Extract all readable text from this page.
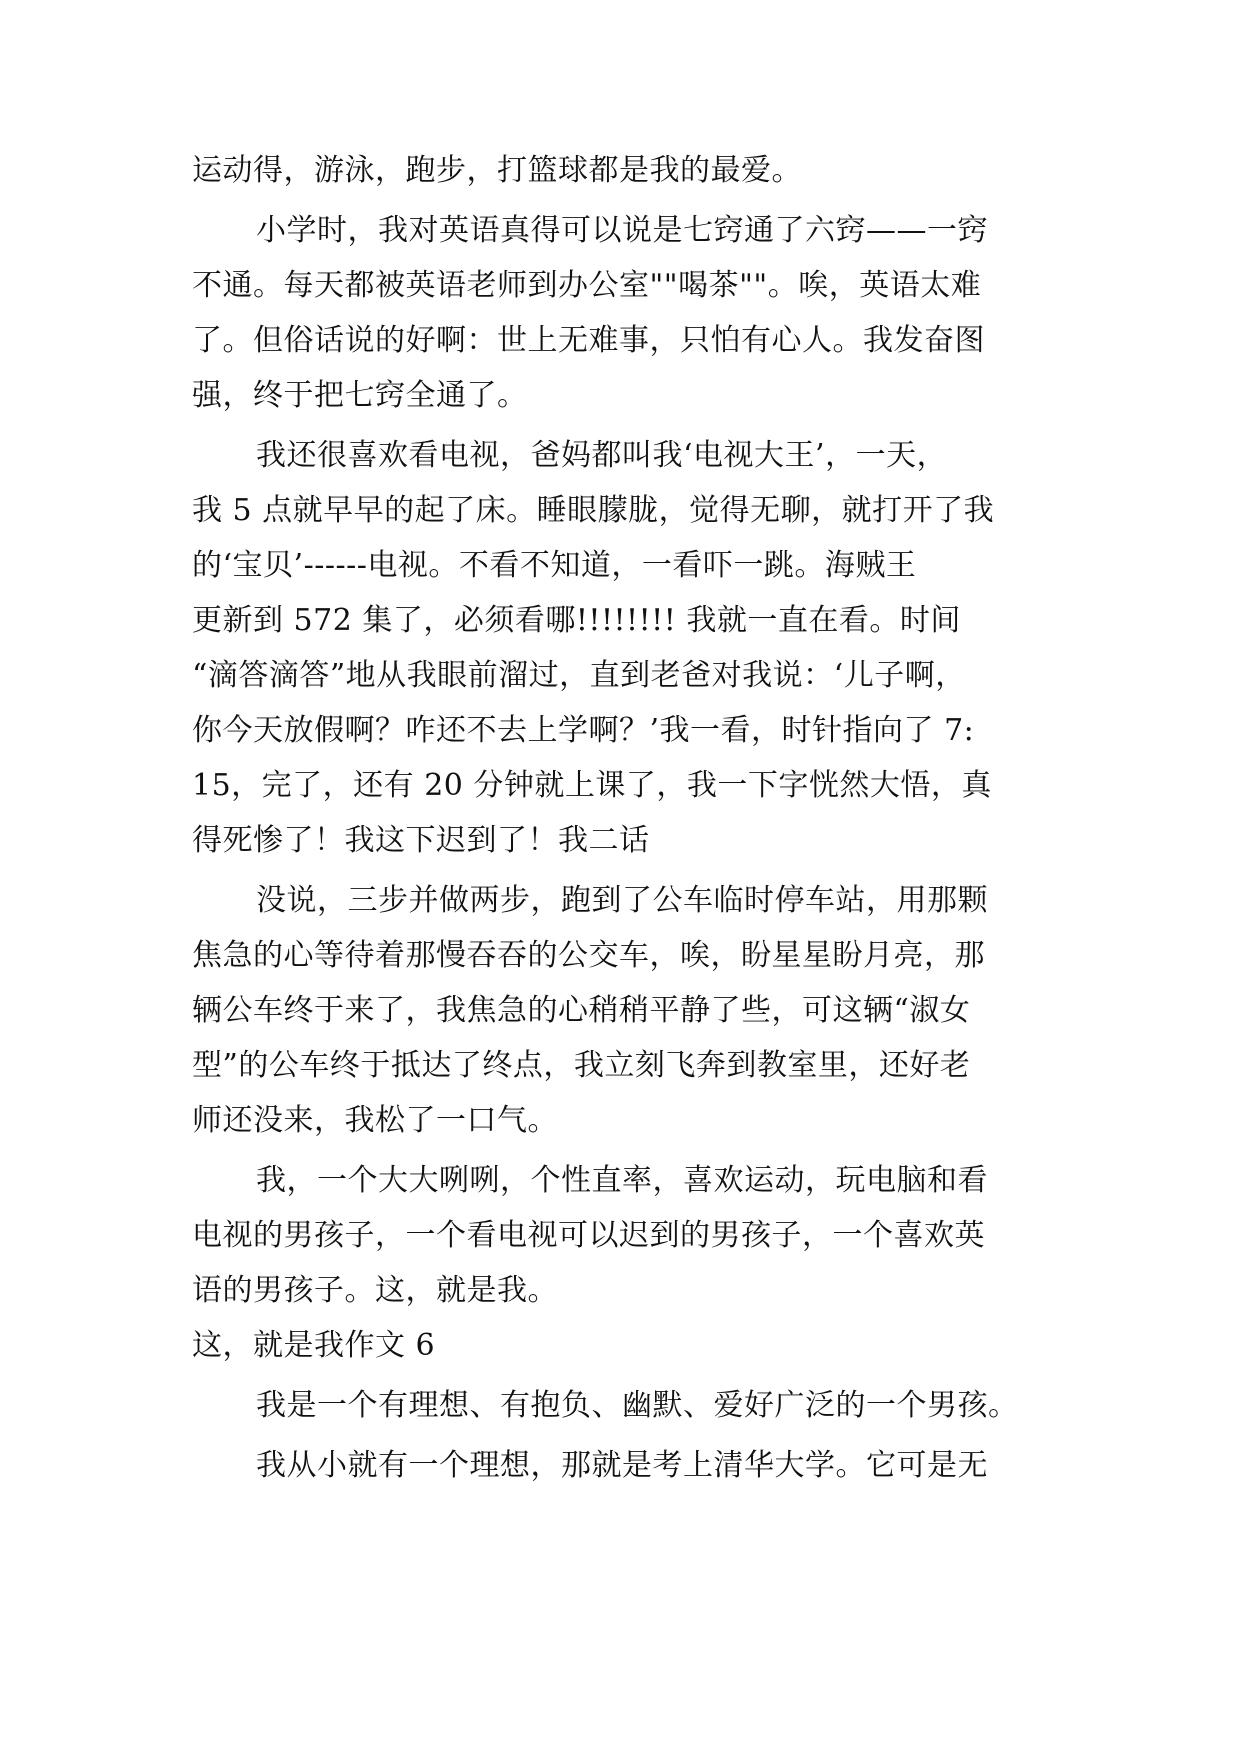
运动得，游泳，跑步，打篮球都是我的最爱。
小学时，我对英语真得可以说是七窍通了六窍——一窍
不通。每天都被英语老师到办公室""喝茶""。唉，英语太难
了。但俗话说的好啊：世上无难事，只怕有心人。我发奋图
强，终于把七窍全通了。
我还很喜欢看电视，爸妈都叫我‘电视大王’，一天，
我 5 点就早早的起了床。睡眼朦胧，觉得无聊，就打开了我
的‘宝贝’------电视。不看不知道，一看吓一跳。海贼王
更新到 572 集了，必须看哪!!!!!!!! 我就一直在看。时间
“滴答滴答”地从我眼前溜过，直到老爸对我说：‘儿子啊，
你今天放假啊？咋还不去上学啊？’我一看，时针指向了 7:
15，完了，还有 20 分钟就上课了，我一下字恍然大悟，真
得死惨了！我这下迟到了！我二话
没说，三步并做两步，跑到了公车临时停车站，用那颗
焦急的心等待着那慢吞吞的公交车，唉，盼星星盼月亮，那
辆公车终于来了，我焦急的心稍稍平静了些，可这辆“淑女
型”的公车终于抵达了终点，我立刻飞奔到教室里，还好老
师还没来，我松了一口气。
我，一个大大咧咧，个性直率，喜欢运动，玩电脑和看
电视的男孩子，一个看电视可以迟到的男孩子，一个喜欢英
语的男孩子。这，就是我。
这，就是我作文 6
我是一个有理想、有抱负、幽默、爱好广泛的一个男孩。
我从小就有一个理想，那就是考上清华大学。它可是无
